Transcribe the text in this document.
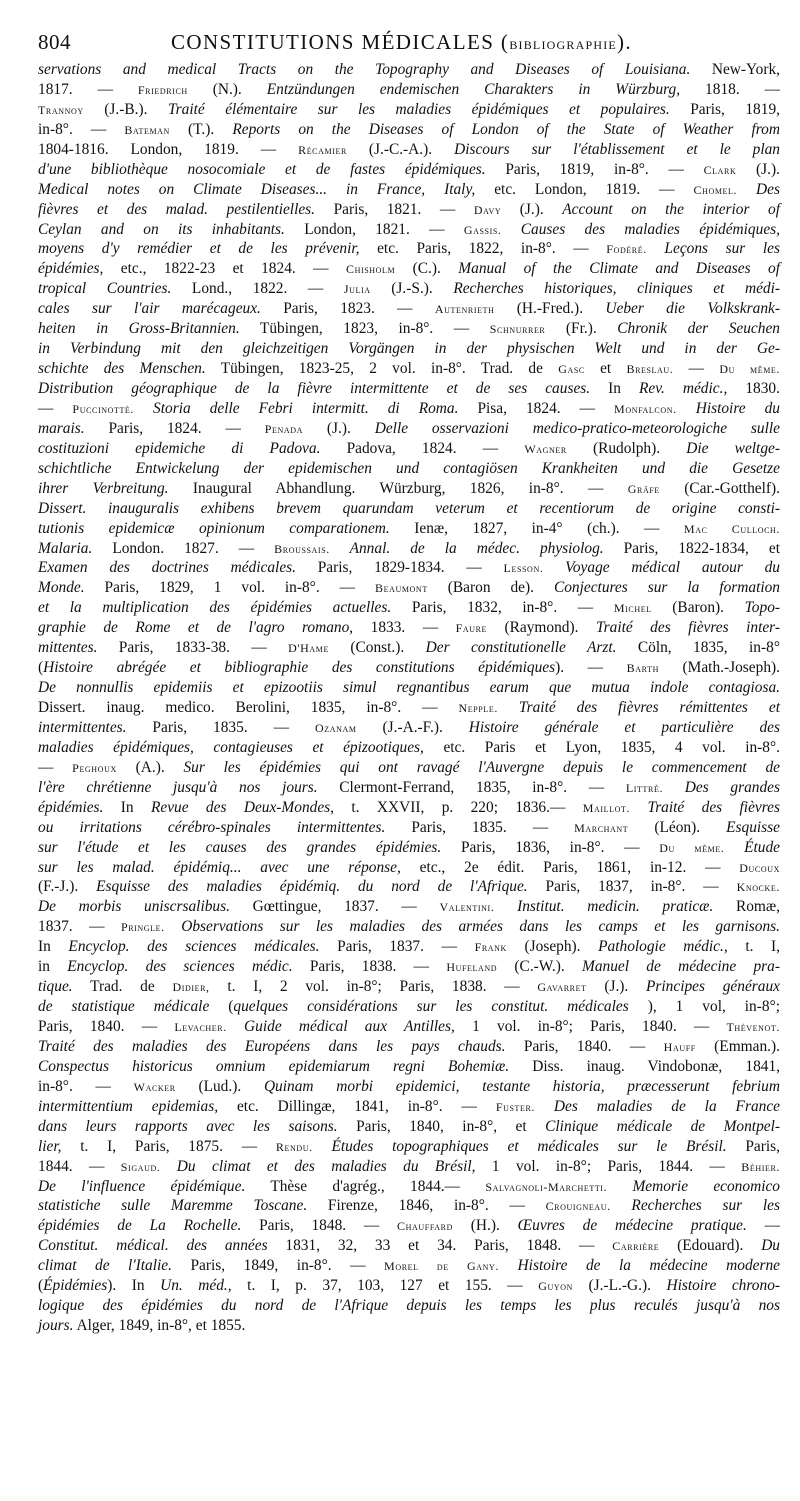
804	CONSTITUTIONS MÉDICALES (BIBLIOGRAPHIE).
servations and medical Tracts on the Topography and Diseases of Louisiana. New-York,
1817. — Friedrich (N.). Entzündungen endemischen Charakters in Würzburg, 1818. —
Trannoy (J.-B.). Traité élémentaire sur les maladies épidémiques et populaires. Paris, 1819,
in-8°. — Bateman (T.). Reports on the Diseases of London of the State of Weather from
1804-1816. London, 1819. — Récamier (J.-C.-A.). Discours sur l'établissement et le plan
d'une bibliothèque nosocomiale et de fastes épidémiques. Paris, 1819, in-8°. — Clark (J.).
Medical notes on Climate Diseases... in France, Italy, etc. London, 1819. — Chomel. Des
fièvres et des malad. pestilentielles. Paris, 1821. — Davy (J.). Account on the interior of
Ceylan and on its inhabitants. London, 1821. — Gassis. Causes des maladies épidémiques,
moyens d'y remédier et de les prévenir, etc. Paris, 1822, in-8°. — Fodéré. Leçons sur les
épidémies, etc., 1822-23 et 1824. — Chisholm (C.). Manual of the Climate and Diseases of
tropical Countries. Lond., 1822. — Julia (J.-S.). Recherches historiques, cliniques et médi-
cales sur l'air marécageux. Paris, 1823. — Autenrieth (H.-Fred.). Ueber die Volkskrank-
heiten in Gross-Britannien. Tübingen, 1823, in-8°. — Schnurrer (Fr.). Chronik der Seuchen
in Verbindung mit den gleichzeitigen Vorgängen in der physischen Welt und in der Ge-
schichte des Menschen. Tübingen, 1823-25, 2 vol. in-8°. Trad. de Gasc et Breslau. — Du même.
Distribution géographique de la fièvre intermittente et de ses causes. In Rev. médic., 1830.
— Puccinotté. Storia delle Febri intermitt. di Roma. Pisa, 1824. — Monfalcon. Histoire du
marais. Paris, 1824. — Penada (J.). Delle osservazioni medico-pratico-meteorologiche sulle
costituzioni epidemiche di Padova. Padova, 1824. — Wagner (Rudolph). Die weltge-
schichtliche Entwickelung der epidemischen und contagiösen Krankheiten und die Gesetze
ihrer Verbreitung. Inaugural Abhandlung. Würzburg, 1826, in-8°. — Gräfe (Car.-Gotthelf).
Dissert. inauguralis exhibens brevem quarundam veterum et recentiorum de origine consti-
tutionis epidemicæ opinionum comparationem. Ienæ, 1827, in-4° (ch.). — Mac Culloch.
Malaria. London. 1827. — Broussais. Annal. de la médec. physiolog. Paris, 1822-1834, et
Examen des doctrines médicales. Paris, 1829-1834. — Lesson. Voyage médical autour du
Monde. Paris, 1829, 1 vol. in-8°. — Beaumont (Baron de). Conjectures sur la formation
et la multiplication des épidémies actuelles. Paris, 1832, in-8°. — Michel (Baron). Topo-
graphie de Rome et de l'agro romano, 1833. — Faure (Raymond). Traité des fièvres inter-
mittentes. Paris, 1833-38. — D'Hame (Const.). Der constitutionelle Arzt. Cöln, 1835, in-8°
(Histoire abrégée et bibliographie des constitutions épidémiques). — Barth (Math.-Joseph).
De nonnullis epidemiis et epizootiis simul regnantibus earum que mutua indole contagiosa.
Dissert. inaug. medico. Berolini, 1835, in-8°. — Nepple. Traité des fièvres rémittentes et
intermittentes. Paris, 1835. — Ozanam (J.-A.-F.). Histoire générale et particulière des
maladies épidémiques, contagieuses et épizootiques, etc. Paris et Lyon, 1835, 4 vol. in-8°.
— Peghoux (A.). Sur les épidémies qui ont ravagé l'Auvergne depuis le commencement de
l'ère chrétienne jusqu'à nos jours. Clermont-Ferrand, 1835, in-8°. — Littré. Des grandes
épidémies. In Revue des Deux-Mondes, t. XXVII, p. 220; 1836.— Maillot. Traité des fièvres
ou irritations cérébro-spinales intermittentes. Paris, 1835. — Marchant (Léon). Esquisse
sur l'étude et les causes des grandes épidémies. Paris, 1836, in-8°. — Du même. Étude
sur les malad. épidémiq... avec une réponse, etc., 2e édit. Paris, 1861, in-12. — Ducoux
(F.-J.). Esquisse des maladies épidémiq. du nord de l'Afrique. Paris, 1837, in-8°. — Knocke.
De morbis uniscrsalibus. Gœttingue, 1837. — Valentini. Institut. medicin. praticæ. Romæ,
1837. — Pringle. Observations sur les maladies des armées dans les camps et les garnisons.
In Encyclop. des sciences médicales. Paris, 1837. — Frank (Joseph). Pathologie médic., t. I,
in Encyclop. des sciences médic. Paris, 1838. — Hufeland (C.-W.). Manuel de médecine pra-
tique. Trad. de Didier, t. I, 2 vol. in-8°; Paris, 1838. — Gavarret (J.). Principes généraux
de statistique médicale (quelques considérations sur les constitut. médicales ), 1 vol, in-8°;
Paris, 1840. — Levacher. Guide médical aux Antilles, 1 vol. in-8°; Paris, 1840. — Thévenot.
Traité des maladies des Européens dans les pays chauds. Paris, 1840. — Hauff (Emman.).
Conspectus historicus omnium epidemiarum regni Bohemiæ. Diss. inaug. Vindobonæ, 1841,
in-8°. — Wacker (Lud.). Quinam morbi epidemici, testante historia, præcesserunt febrium
intermittentium epidemias, etc. Dillingæ, 1841, in-8°. — Fuster. Des maladies de la France
dans leurs rapports avec les saisons. Paris, 1840, in-8°, et Clinique médicale de Montpel-
lier, t. I, Paris, 1875. — Rendu. Études topographiques et médicales sur le Brésil. Paris,
1844. — Sigaud. Du climat et des maladies du Brésil, 1 vol. in-8°; Paris, 1844. — Béhier.
De l'influence épidémique. Thèse d'agrég., 1844.— Salvagnoli-Marchetti. Memorie economico
statistiche sulle Maremme Toscane. Firenze, 1846, in-8°. — Crouigneau. Recherches sur les
épidémies de La Rochelle. Paris, 1848. — Chauffard (H.). Œuvres de médecine pratique. —
Constitut. médical. des années 1831, 32, 33 et 34. Paris, 1848. — Carrière (Edouard). Du
climat de l'Italie. Paris, 1849, in-8°. — Morel de Gany. Histoire de la médecine moderne
(Épidémies). In Un. méd., t. I, p. 37, 103, 127 et 155. — Guyon (J.-L.-G.). Histoire chrono-
logique des épidémies du nord de l'Afrique depuis les temps les plus reculés jusqu'à nos
jours. Alger, 1849, in-8°, et 1855.
